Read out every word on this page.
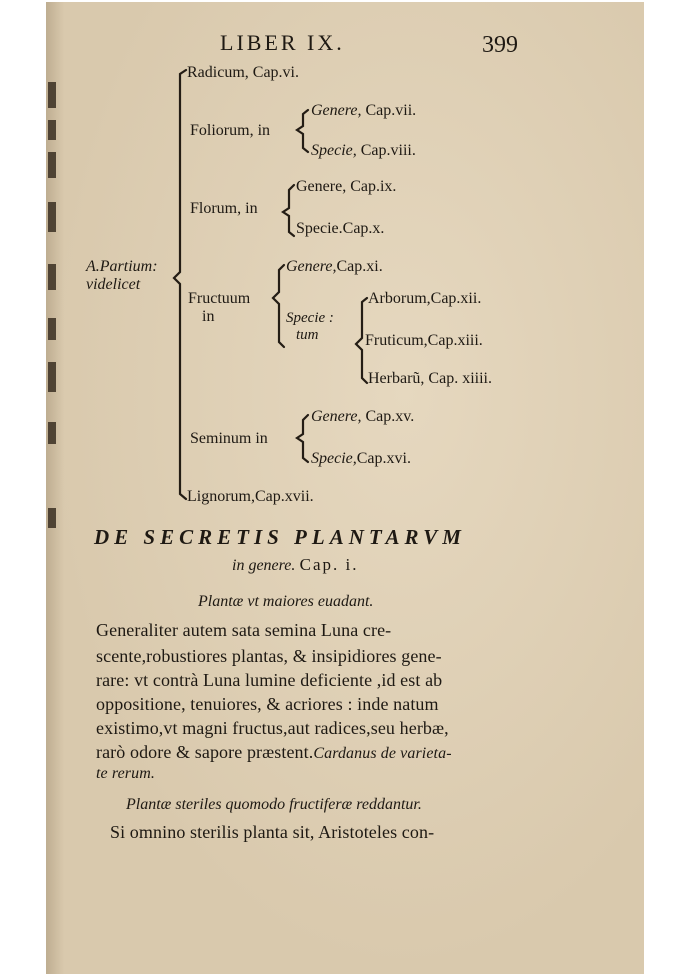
LIBER IX.	399
A.Partium:
videlicet
Radicum, Cap.vi.
Foliorum, in
Genere, Cap.vii.
Specie, Cap.viii.
Florum, in
Genere, Cap.ix.
Specie.Cap.x.
Fructuum
in
Genere,Cap.xi.
Specie :
tum
Arborum,Cap.xii.
Fruticum,Cap.xiii.
Herbarũ, Cap. xiiii.
Seminum in
Genere, Cap.xv.
Specie,Cap.xvi.
Lignorum,Cap.xvii.
DE SECRETIS PLANTARVM
in genere. Cap. i.
Plantæ vt maiores euadant.
Generaliter autem sata semina Luna cre-
scente,robustiores plantas, & insipidiores gene-
rare: vt contrà Luna lumine deficiente ,id est ab
oppositione, tenuiores, & acriores : inde natum
existimo,vt magni fructus,aut radices,seu herbæ,
rarò odore & sapore præstent.Cardanus de varieta-
te rerum.
Plantæ steriles quomodo fructiferæ reddantur.
Si omnino sterilis planta sit, Aristoteles con-
